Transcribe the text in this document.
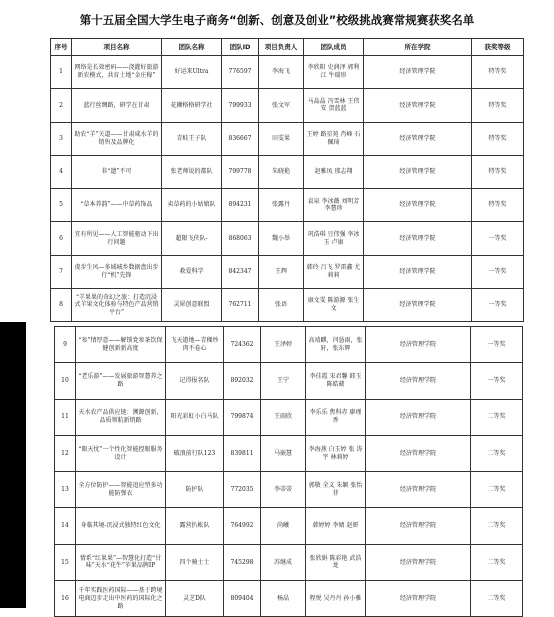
第十五届全国大学生电子商务“创新、创意及创业”校级挑战赛常规赛获奖名单
序号	项目名称	团队名称	团队ID	项目负责人	团队成员	所在学院	获奖等级
1	网络是长效密码——浇灌好旅游新农模式，共育土地“金庄稼”	好运来Ultra	776597	李海飞	李欣阳 史润泽 郭利江 牛瑞形	经济管理学院	特等奖
2	蓝行丝绸路，研学在甘肃	花狮格格研学社	799933	张文军	马晶晶 冯雪林 王伟安 贺蓝蓝	经济管理学院	特等奖
3	助农“羊”关道——甘肃咸水羊的销售及品牌化	青蛙王子队	836667	田雯果	王婷 路星苑 肖峰 石佩琦	经济管理学院	特等奖
4	非“遗”不可	张老师说的都队	799778	朱晓艳	赵雅凤 邢志翔	经济管理学院	特等奖
5	“草本养韵”——中草药饰品	卖草药的小姑娘队	894231	张露丹	袁泉 李冰薇 刘明芳 李慧珍	经济管理学院	特等奖
6	宜有所见——人工智能驱动下出行问题	超限飞侠队-	868063	魏小举	巩浩琪 豆伟强 李冰玉 卢康	经济管理学院	一等奖
7	虔步生风—多域城乡数据盘出步行“机”先锋	救爱科学	842347	王辉	韩玲 吕飞 罗雷鑫 尤莉莉	经济管理学院	一等奖
8	“羊果果的奇幻之旅：打造沉浸式羊果文化体验与特色产品营销平台”	灵犀创意联盟	762711	张语	康文雯 陈游源 张生文	经济管理学院	一等奖
9	“参”情厚意——解锁党参茶饮保健创新新高度	飞天遨地—青稞炒肉不卷心	724362	王泽婷	高靖麒，闫恳雨，张轩，张东辉	经济管理学院	一等奖
10	“老乐游”——发展旅游智慧养之路	记得报名队	892032	王宁	李佳霞 宋君馨 韩玉 陈皓葳	经济管理学院	一等奖
11	天水农产品供应链：溯源创新，品质领航新销路	阳光彩虹小白马队	799874	王雨欣	李乐乐 焦科赤 廖瑾香	经济管理学院	二等奖
12	“眼天忧”一个性化智能控眼服务设计	破浪前行队123	839811	马嵌慧	李海燕 白玉婷 张 涛宇 林莉婷	经济管理学院	二等奖
13	全方位防护——智能追应型多功能防弹衣	防护队	772035	李蒂蒂	郭敬 全义 朱颖 张怡菲	经济管理学院	二等奖
14	身临其境-沉浸式独特红色文化	露营扒帐队	764992	尚曦	韩婷婷 李婧 赵妍	经济管理学院	二等奖
15	情系“红果果”—智慧化打造“甘味”天水“花牛”苹果品牌IP	四个骑士士	745298	苏继成	张欣娟 陈彩艳 武浩龙	经济管理学院	二等奖
16	千年实践医药国际——基于跨境电商迈步走出中医药的国际化之路	灵芝D队	809404	杨晶	程悦 吴丹丹 孙小雅	经济管理学院	二等奖
